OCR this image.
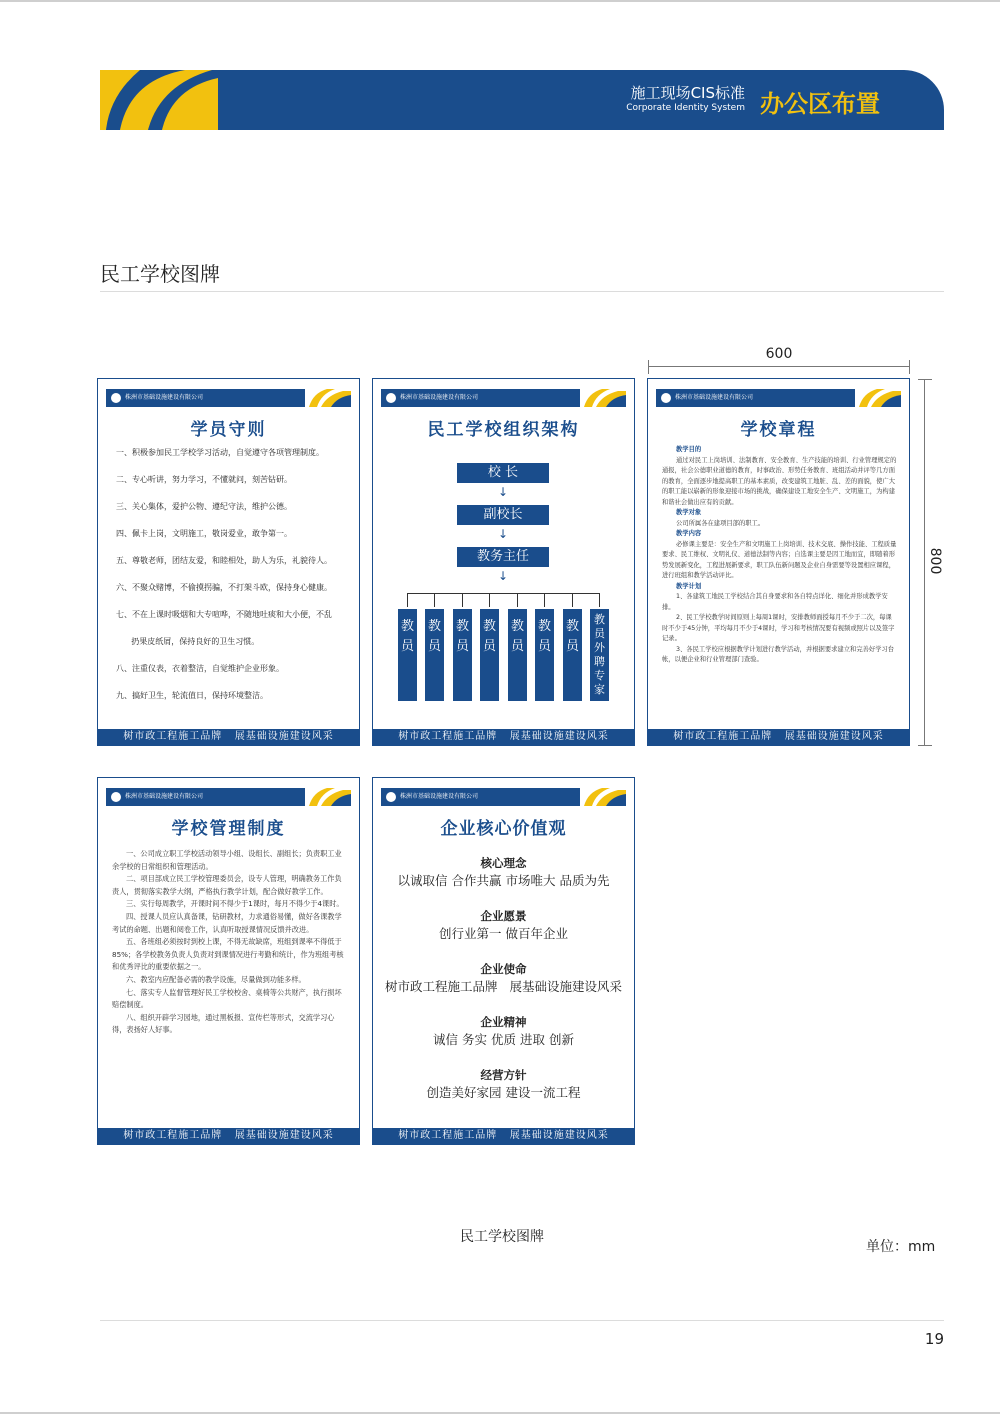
施工现场CIS标准
Corporate Identity System 办公区布置
民工学校图牌
600
800
株洲市基础设施建设有限公司
学员守则
一、积极参加民工学校学习活动，自觉遵守各项管理制度。
二、专心听讲，努力学习，不懂就问，刻苦钻研。
三、关心集体，爱护公物、遵纪守法，维护公德。
四、佩卡上岗，文明施工，敬岗爱业，敢争第一。
五、尊敬老师，团结友爱，和睦相处，助人为乐，礼貌待人。
六、不聚众赌博，不偷摸拐骗，不打架斗欧，保持身心健康。
七、不在上课时吸烟和大专喧哗，不随地吐痰和大小便，不乱
扔果皮纸屑，保持良好的卫生习惯。
八、注重仪表，衣着整洁，自觉维护企业形象。
九、搞好卫生，轮流值日，保持环境整洁。
树市政工程施工品牌   展基础设施建设风采
株洲市基础设施建设有限公司
民工学校组织架构
校 长
↓
副校长
↓
教务主任
↓
教员
教员
教员
教员
教员
教员
教员
教员外聘专家
树市政工程施工品牌   展基础设施建设风采
株洲市基础设施建设有限公司
学校章程
教学目的
通过对民工上岗培训、法制教育、安全教育、生产技能的培训、行业管理规定的通报，社会公德职业道德的教育，时事政治、形势任务教育、班组活动并评等几方面的教育，全面逐步地提高职工的基本素质，改变建筑工地脏、乱、差的面貌，使广大的职工能以崭新的形象迎接市场的挑战，确保建设工地安全生产、文明施工，为构建和谐社会做出应有的贡献。
教学对象
公司所属各在建项目部的职工。
教学内容
必修课主要是：安全生产和文明施工上岗培训、技术交底、操作技能、工程质量要求、民工维权、文明礼仪、道德法制等内容；自选课主要是因工地而宜，即随着形势发展新变化，工程进展新要求，职工队伍新问题及企业自身需要等设置相应课程，进行班组和教学活动评比。
教学计划
1、各建筑工地民工学校结合其自身要求和各自特点详化、细化并形成教学安排。
2、民工学校教学时间原则上每周1课时，安排教师面授每月不少于二次，每课时不少于45分钟，平均每月不少于4课时，学习和考核情况要有视频或照片以及签字记录。
3、各民工学校应根据教学计划进行教学活动，并根据要求建立和完善好学习台帐，以便企业和行业管理部门查验。
树市政工程施工品牌   展基础设施建设风采
株洲市基础设施建设有限公司
学校管理制度
一、公司成立职工学校活动领导小组、设组长、副组长；负责职工业余学校的日常组织和管理活动。
二、项目部成立民工学校管理委员会，设专人管理，明确教务工作负责人，贯彻落实教学大纲，严格执行教学计划，配合做好教学工作。
三、实行每周教学，开课时间不得少于1课时，每月不得少于4课时。
四、授课人员应认真备课，钻研教材，力求通俗易懂，做好各课教学考试的命题、出题和阅卷工作，认真听取授课情况反馈并改进。
五、各班组必须按时到校上课，不得无故缺席，班组到课率不得低于85%；各学校教务负责人负责对到课情况进行考勤和统计，作为班组考核和优秀评比的重要依据之一。
六、教室内应配备必需的教学设施，尽量做到功能多样。
七、落实专人监督管理好民工学校校舍、桌椅等公共财产，执行损坏赔偿制度。
八、组织开辟学习园地，通过黑板报、宣传栏等形式，交流学习心得，表扬好人好事。
树市政工程施工品牌   展基础设施建设风采
株洲市基础设施建设有限公司
企业核心价值观
核心理念
以诚取信 合作共赢 市场唯大 品质为先
企业愿景
创行业第一 做百年企业
企业使命
树市政工程施工品牌   展基础设施建设风采
企业精神
诚信 务实 优质 进取 创新
经营方针
创造美好家园 建设一流工程
树市政工程施工品牌   展基础设施建设风采
民工学校图牌
单位：mm
19
